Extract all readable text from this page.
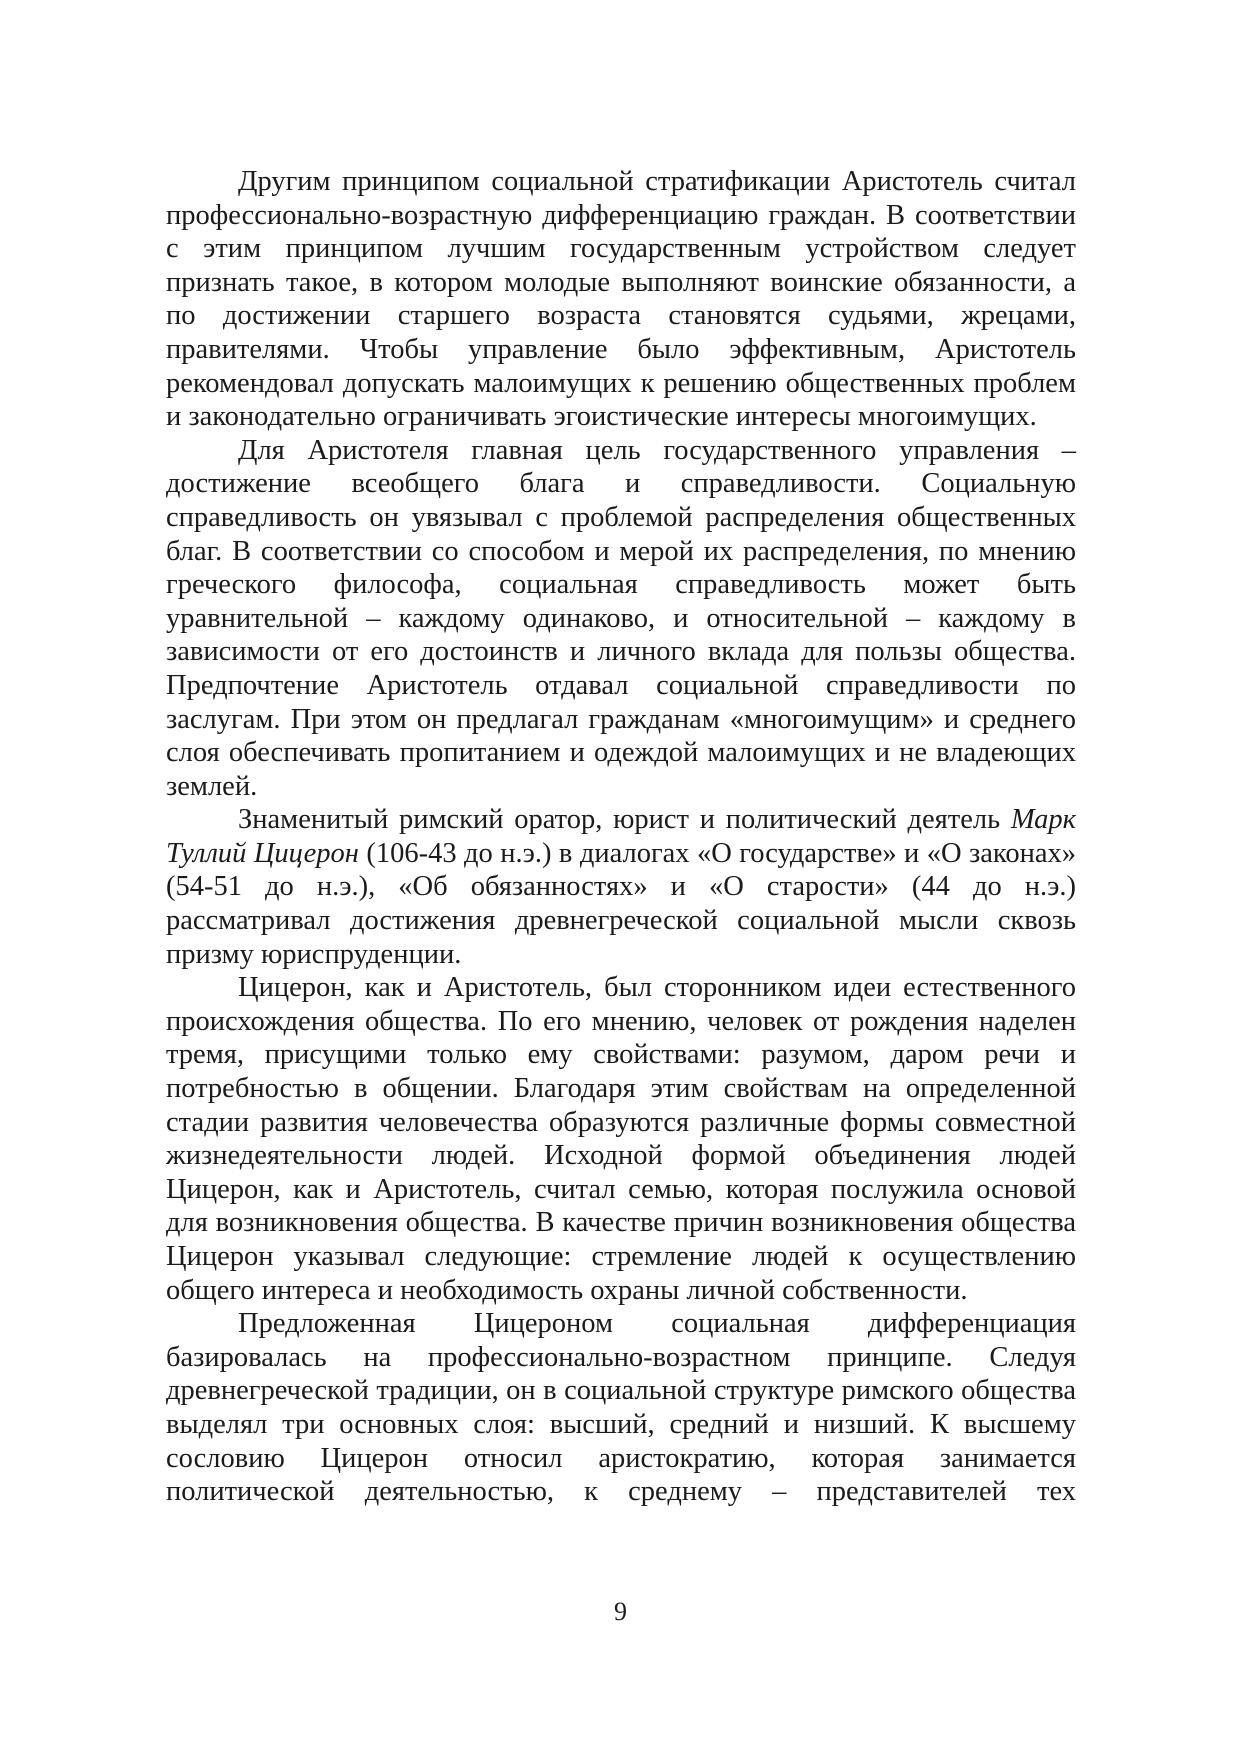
Другим принципом социальной стратификации Аристотель считал профессионально-возрастную дифференциацию граждан. В соответствии с этим принципом лучшим государственным устройством следует признать такое, в котором молодые выполняют воинские обязанности, а по достижении старшего возраста становятся судьями, жрецами, правителями. Чтобы управление было эффективным, Аристотель рекомендовал допускать малоимущих к решению общественных проблем и законодательно ограничивать эгоистические интересы многоимущих.

Для Аристотеля главная цель государственного управления – достижение всеобщего блага и справедливости. Социальную справедливость он увязывал с проблемой распределения общественных благ. В соответствии со способом и мерой их распределения, по мнению греческого философа, социальная справедливость может быть уравнительной – каждому одинаково, и относительной – каждому в зависимости от его достоинств и личного вклада для пользы общества. Предпочтение Аристотель отдавал социальной справедливости по заслугам. При этом он предлагал гражданам «многоимущим» и среднего слоя обеспечивать пропитанием и одеждой малоимущих и не владеющих землей.

Знаменитый римский оратор, юрист и политический деятель Марк Туллий Цицерон (106-43 до н.э.) в диалогах «О государстве» и «О законах» (54-51 до н.э.), «Об обязанностях» и «О старости» (44 до н.э.) рассматривал достижения древнегреческой социальной мысли сквозь призму юриспруденции.

Цицерон, как и Аристотель, был сторонником идеи естественного происхождения общества. По его мнению, человек от рождения наделен тремя, присущими только ему свойствами: разумом, даром речи и потребностью в общении. Благодаря этим свойствам на определенной стадии развития человечества образуются различные формы совместной жизнедеятельности людей. Исходной формой объединения людей Цицерон, как и Аристотель, считал семью, которая послужила основой для возникновения общества. В качестве причин возникновения общества Цицерон указывал следующие: стремление людей к осуществлению общего интереса и необходимость охраны личной собственности.

Предложенная Цицероном социальная дифференциация базировалась на профессионально-возрастном принципе. Следуя древнегреческой традиции, он в социальной структуре римского общества выделял три основных слоя: высший, средний и низший. К высшему сословию Цицерон относил аристократию, которая занимается политической деятельностью, к среднему – представителей тех

9
